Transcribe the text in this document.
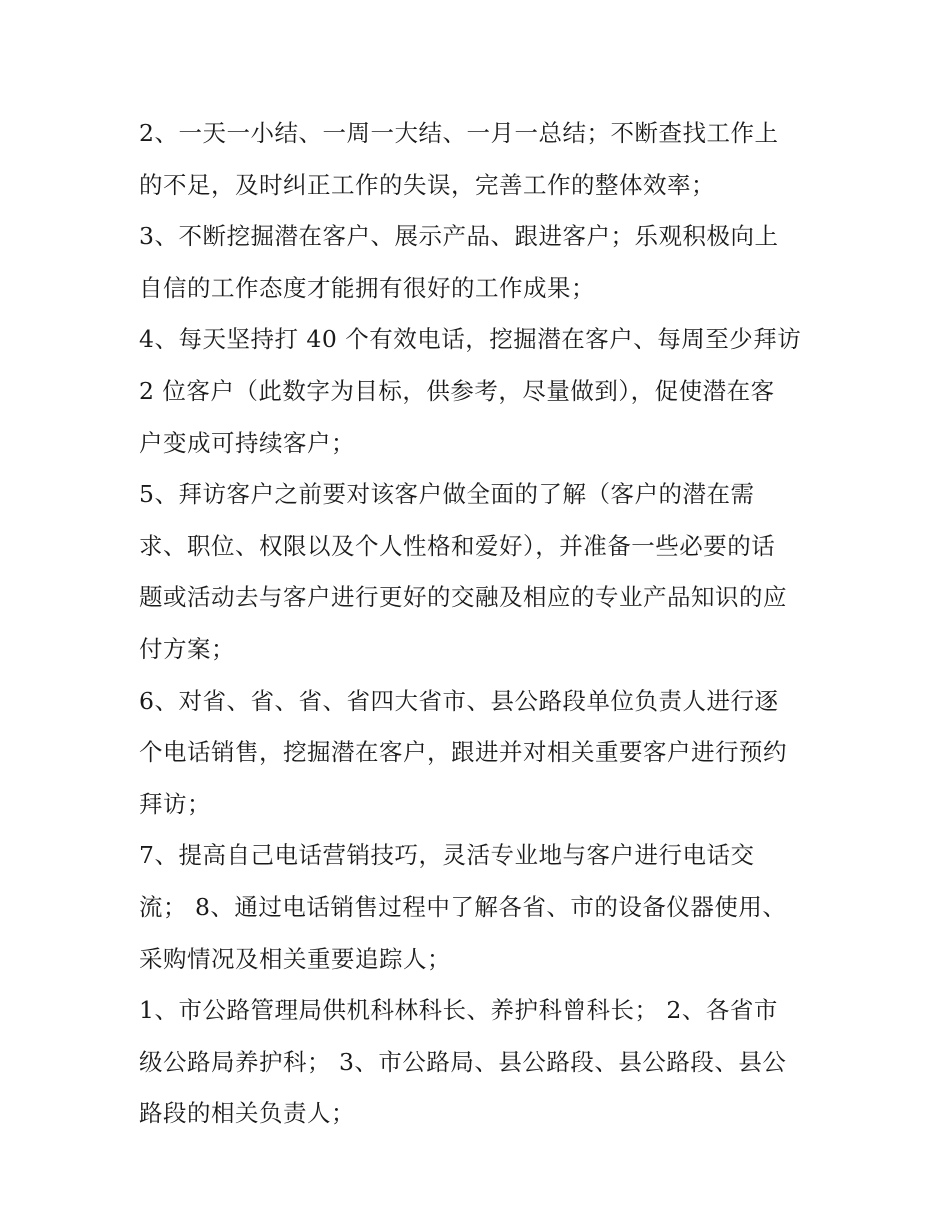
2、一天一小结、一周一大结、一月一总结；不断查找工作上
的不足，及时纠正工作的失误，完善工作的整体效率；
3、不断挖掘潜在客户、展示产品、跟进客户；乐观积极向上
自信的工作态度才能拥有很好的工作成果；
4、每天坚持打 40 个有效电话，挖掘潜在客户、每周至少拜访
2 位客户（此数字为目标，供参考，尽量做到），促使潜在客
户变成可持续客户；
5、拜访客户之前要对该客户做全面的了解（客户的潜在需
求、职位、权限以及个人性格和爱好），并准备一些必要的话
题或活动去与客户进行更好的交融及相应的专业产品知识的应
付方案；
6、对省、省、省、省四大省市、县公路段单位负责人进行逐
个电话销售，挖掘潜在客户，跟进并对相关重要客户进行预约
拜访；
7、提高自己电话营销技巧，灵活专业地与客户进行电话交
流； 8、通过电话销售过程中了解各省、市的设备仪器使用、
采购情况及相关重要追踪人；
1、市公路管理局供机科林科长、养护科曾科长； 2、各省市
级公路局养护科； 3、市公路局、县公路段、县公路段、县公
路段的相关负责人；
